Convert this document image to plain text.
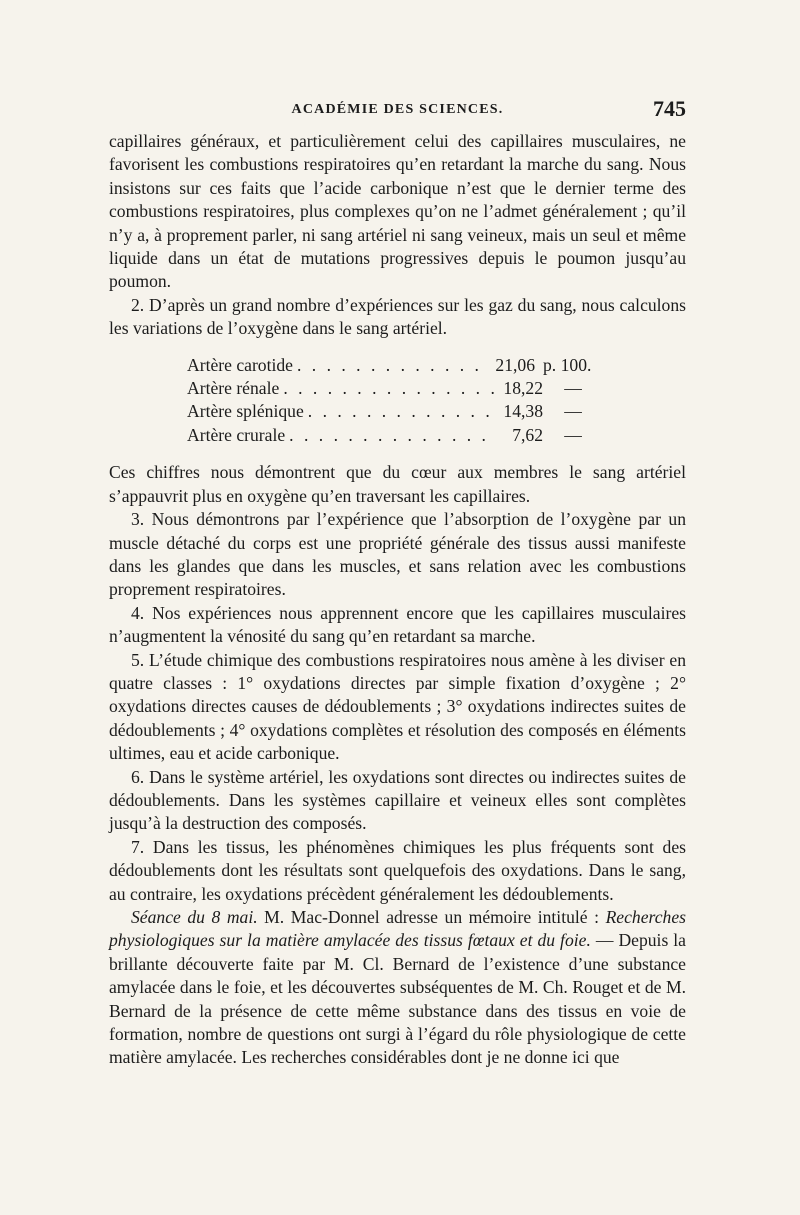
ACADÉMIE DES SCIENCES.	745

capillaires généraux, et particulièrement celui des capillaires musculaires, ne favorisent les combustions respiratoires qu’en retardant la marche du sang. Nous insistons sur ces faits que l’acide carbonique n’est que le dernier terme des combustions respiratoires, plus complexes qu’on ne l’admet généralement ; qu’il n’y a, à proprement parler, ni sang artériel ni sang veineux, mais un seul et même liquide dans un état de mutations progressives depuis le poumon jusqu’au poumon.

2. D’après un grand nombre d’expériences sur les gaz du sang, nous calculons les variations de l’oxygène dans le sang artériel.

Artère carotide . . .	21,06 p. 100.
Artère rénale . . .	18,22	—
Artère splénique . . .	14,38	—
Artère crurale . . .	7,62	—

Ces chiffres nous démontrent que du cœur aux membres le sang artériel s’appauvrit plus en oxygène qu’en traversant les capillaires.

3. Nous démontrons par l’expérience que l’absorption de l’oxygène par un muscle détaché du corps est une propriété générale des tissus aussi manifeste dans les glandes que dans les muscles, et sans relation avec les combustions proprement respiratoires.

4. Nos expériences nous apprennent encore que les capillaires musculaires n’augmentent la vénosité du sang qu’en retardant sa marche.

5. L’étude chimique des combustions respiratoires nous amène à les diviser en quatre classes : 1° oxydations directes par simple fixation d’oxygène ; 2° oxydations directes causes de dédoublements ; 3° oxydations indirectes suites de dédoublements ; 4° oxydations complètes et résolution des composés en éléments ultimes, eau et acide carbonique.

6. Dans le système artériel, les oxydations sont directes ou indirectes suites de dédoublements. Dans les systèmes capillaire et veineux elles sont complètes jusqu’à la destruction des composés.

7. Dans les tissus, les phénomènes chimiques les plus fréquents sont des dédoublements dont les résultats sont quelquefois des oxydations. Dans le sang, au contraire, les oxydations précèdent généralement les dédoublements.

Séance du 8 mai. M. Mac-Donnel adresse un mémoire intitulé : Recherches physiologiques sur la matière amylacée des tissus fœtaux et du foie. — Depuis la brillante découverte faite par M. Cl. Bernard de l’existence d’une substance amylacée dans le foie, et les découvertes subséquentes de M. Ch. Rouget et de M. Bernard de la présence de cette même substance dans des tissus en voie de formation, nombre de questions ont surgi à l’égard du rôle physiologique de cette matière amylacée. Les recherches considérables dont je ne donne ici que
